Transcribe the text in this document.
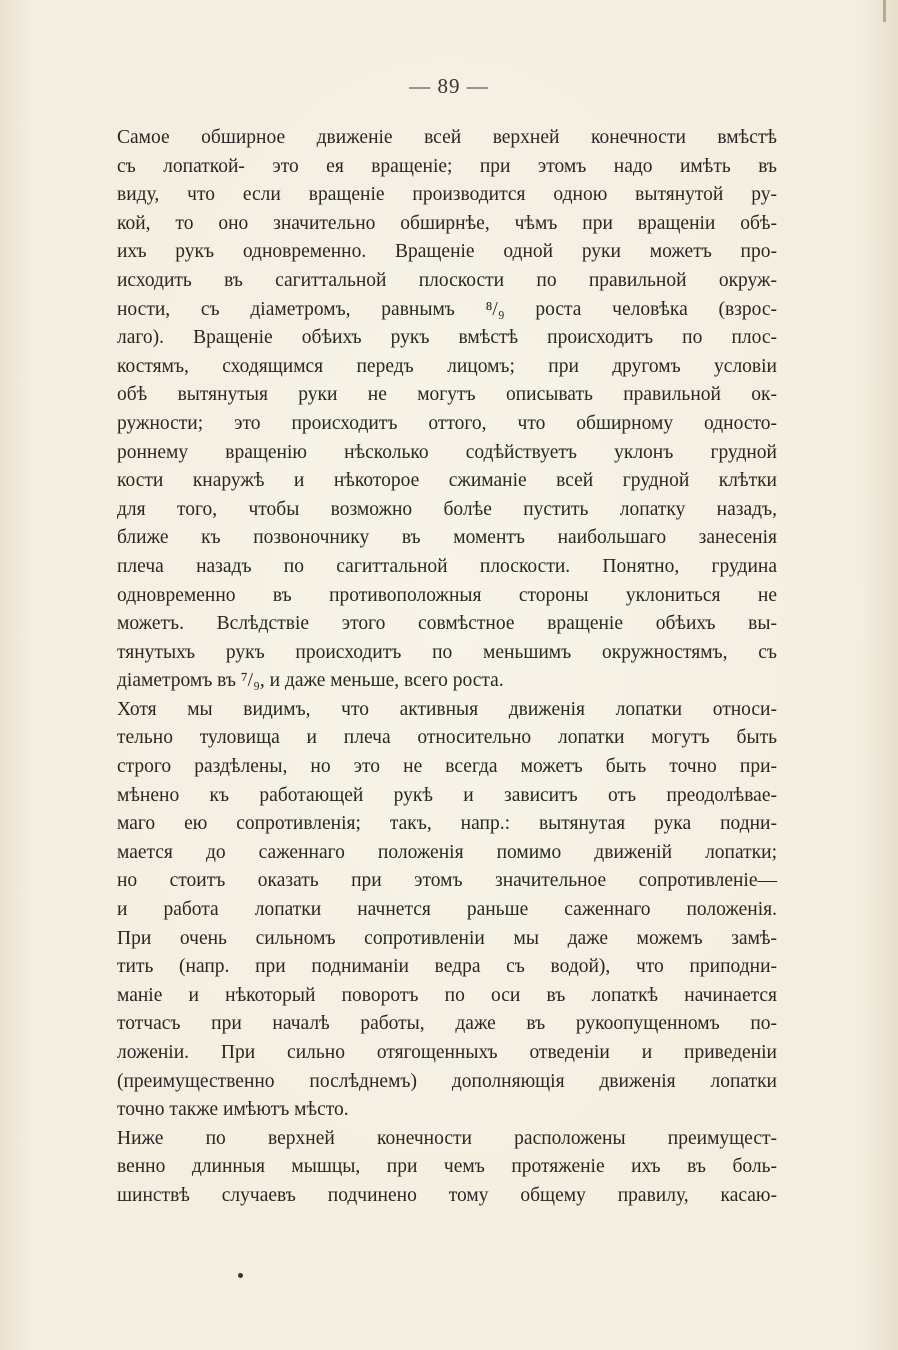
— 89 —
Самое обширное движеніе всей верхней конечности вмѣстѣ
съ лопаткой- это ея вращеніе; при этомъ надо имѣть въ
виду, что если вращеніе производится одною вытянутой ру-
кой, то оно значительно обширнѣе, чѣмъ при вращеніи обѣ-
ихъ рукъ одновременно. Вращеніе одной руки можетъ про-
исходить въ сагиттальной плоскости по правильной окруж-
ности, съ діаметромъ, равнымъ ⁸/₉ роста человѣка (взрос-
лаго). Вращеніе обѣихъ рукъ вмѣстѣ происходитъ по плос-
костямъ, сходящимся передъ лицомъ; при другомъ условіи
обѣ вытянутыя руки не могутъ описывать правильной ок-
ружности; это происходитъ оттого, что обширному односто-
роннему вращенію нѣсколько содѣйствуетъ уклонъ грудной
кости кнаружѣ и нѣкоторое сжиманіе всей грудной клѣтки
для того, чтобы возможно болѣе пустить лопатку назадъ,
ближе къ позвоночнику въ моментъ наибольшаго занесенія
плеча назадъ по сагиттальной плоскости. Понятно, грудина
одновременно въ противоположныя стороны уклониться не
можетъ. Вслѣдствіе этого совмѣстное вращеніе обѣихъ вы-
тянутыхъ рукъ происходитъ по меньшимъ окружностямъ, съ
діаметромъ въ ⁷/₉, и даже меньше, всего роста.
Хотя мы видимъ, что активныя движенія лопатки относи-
тельно туловища и плеча относительно лопатки могутъ быть
строго раздѣлены, но это не всегда можетъ быть точно при-
мѣнено къ работающей рукѣ и зависитъ отъ преодолѣвае-
маго ею сопротивленія; такъ, напр.: вытянутая рука подни-
мается до саженнаго положенія помимо движеній лопатки;
но стоитъ оказать при этомъ значительное сопротивленіе—
и работа лопатки начнется раньше саженнаго положенія.
При очень сильномъ сопротивленіи мы даже можемъ замѣ-
тить (напр. при подниманіи ведра съ водой), что приподни-
маніе и нѣкоторый поворотъ по оси въ лопаткѣ начинается
тотчасъ при началѣ работы, даже въ рукоопущенномъ по-
ложеніи. При сильно отягощенныхъ отведеніи и приведеніи
(преимущественно послѣднемъ) дополняющія движенія лопатки
точно также имѣютъ мѣсто.
Ниже по верхней конечности расположены преимущест-
венно длинныя мышцы, при чемъ протяженіе ихъ въ боль-
шинствѣ случаевъ подчинено тому общему правилу, касаю-
